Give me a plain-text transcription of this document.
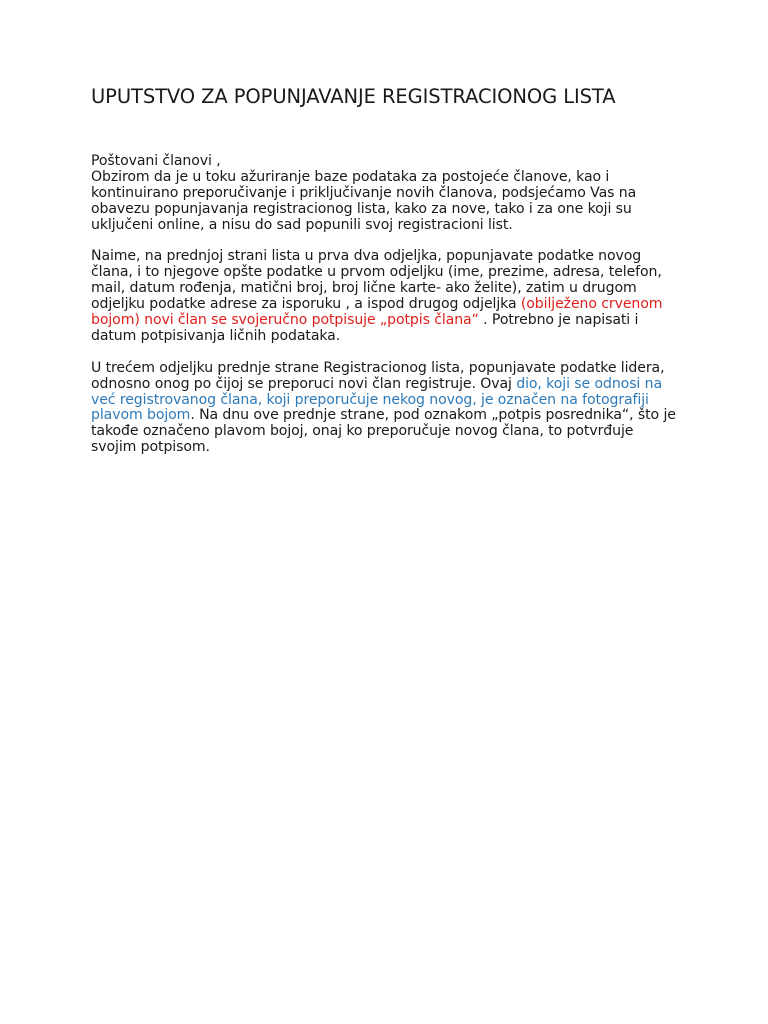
UPUTSTVO ZA POPUNJAVANJE REGISTRACIONOG LISTA

Poštovani članovi ,

Obzirom da je u toku ažuriranje baze podataka za postojeće članove, kao i kontinuirano preporučivanje i priključivanje novih članova, podsjećamo Vas na obavezu popunjavanja registracionog lista, kako za nove, tako i za one koji su uključeni online, a nisu do sad popunili svoj registracioni list.

Naime, na prednjoj strani lista u prva dva odjeljka, popunjavate podatke novog člana, i to njegove opšte podatke u prvom odjeljku (ime, prezime, adresa, telefon, mail, datum rođenja, matični broj, broj lične karte- ako želite), zatim u drugom odjeljku podatke adrese za isporuku , a ispod drugog odjeljka (obilježeno crvenom bojom) novi član se svojeručno potpisuje „potpis člana“ . Potrebno je napisati i datum potpisivanja ličnih podataka.

U trećem odjeljku prednje strane Registracionog lista, popunjavate podatke lidera, odnosno onog po čijoj se preporuci novi član registruje. Ovaj dio, koji se odnosi na već registrovanog člana, koji preporučuje nekog novog, je označen na fotografiji plavom bojom. Na dnu ove prednje strane, pod oznakom „potpis posrednika“, što je takođe označeno plavom bojoj, onaj ko preporučuje novog člana, to potvrđuje svojim potpisom.
